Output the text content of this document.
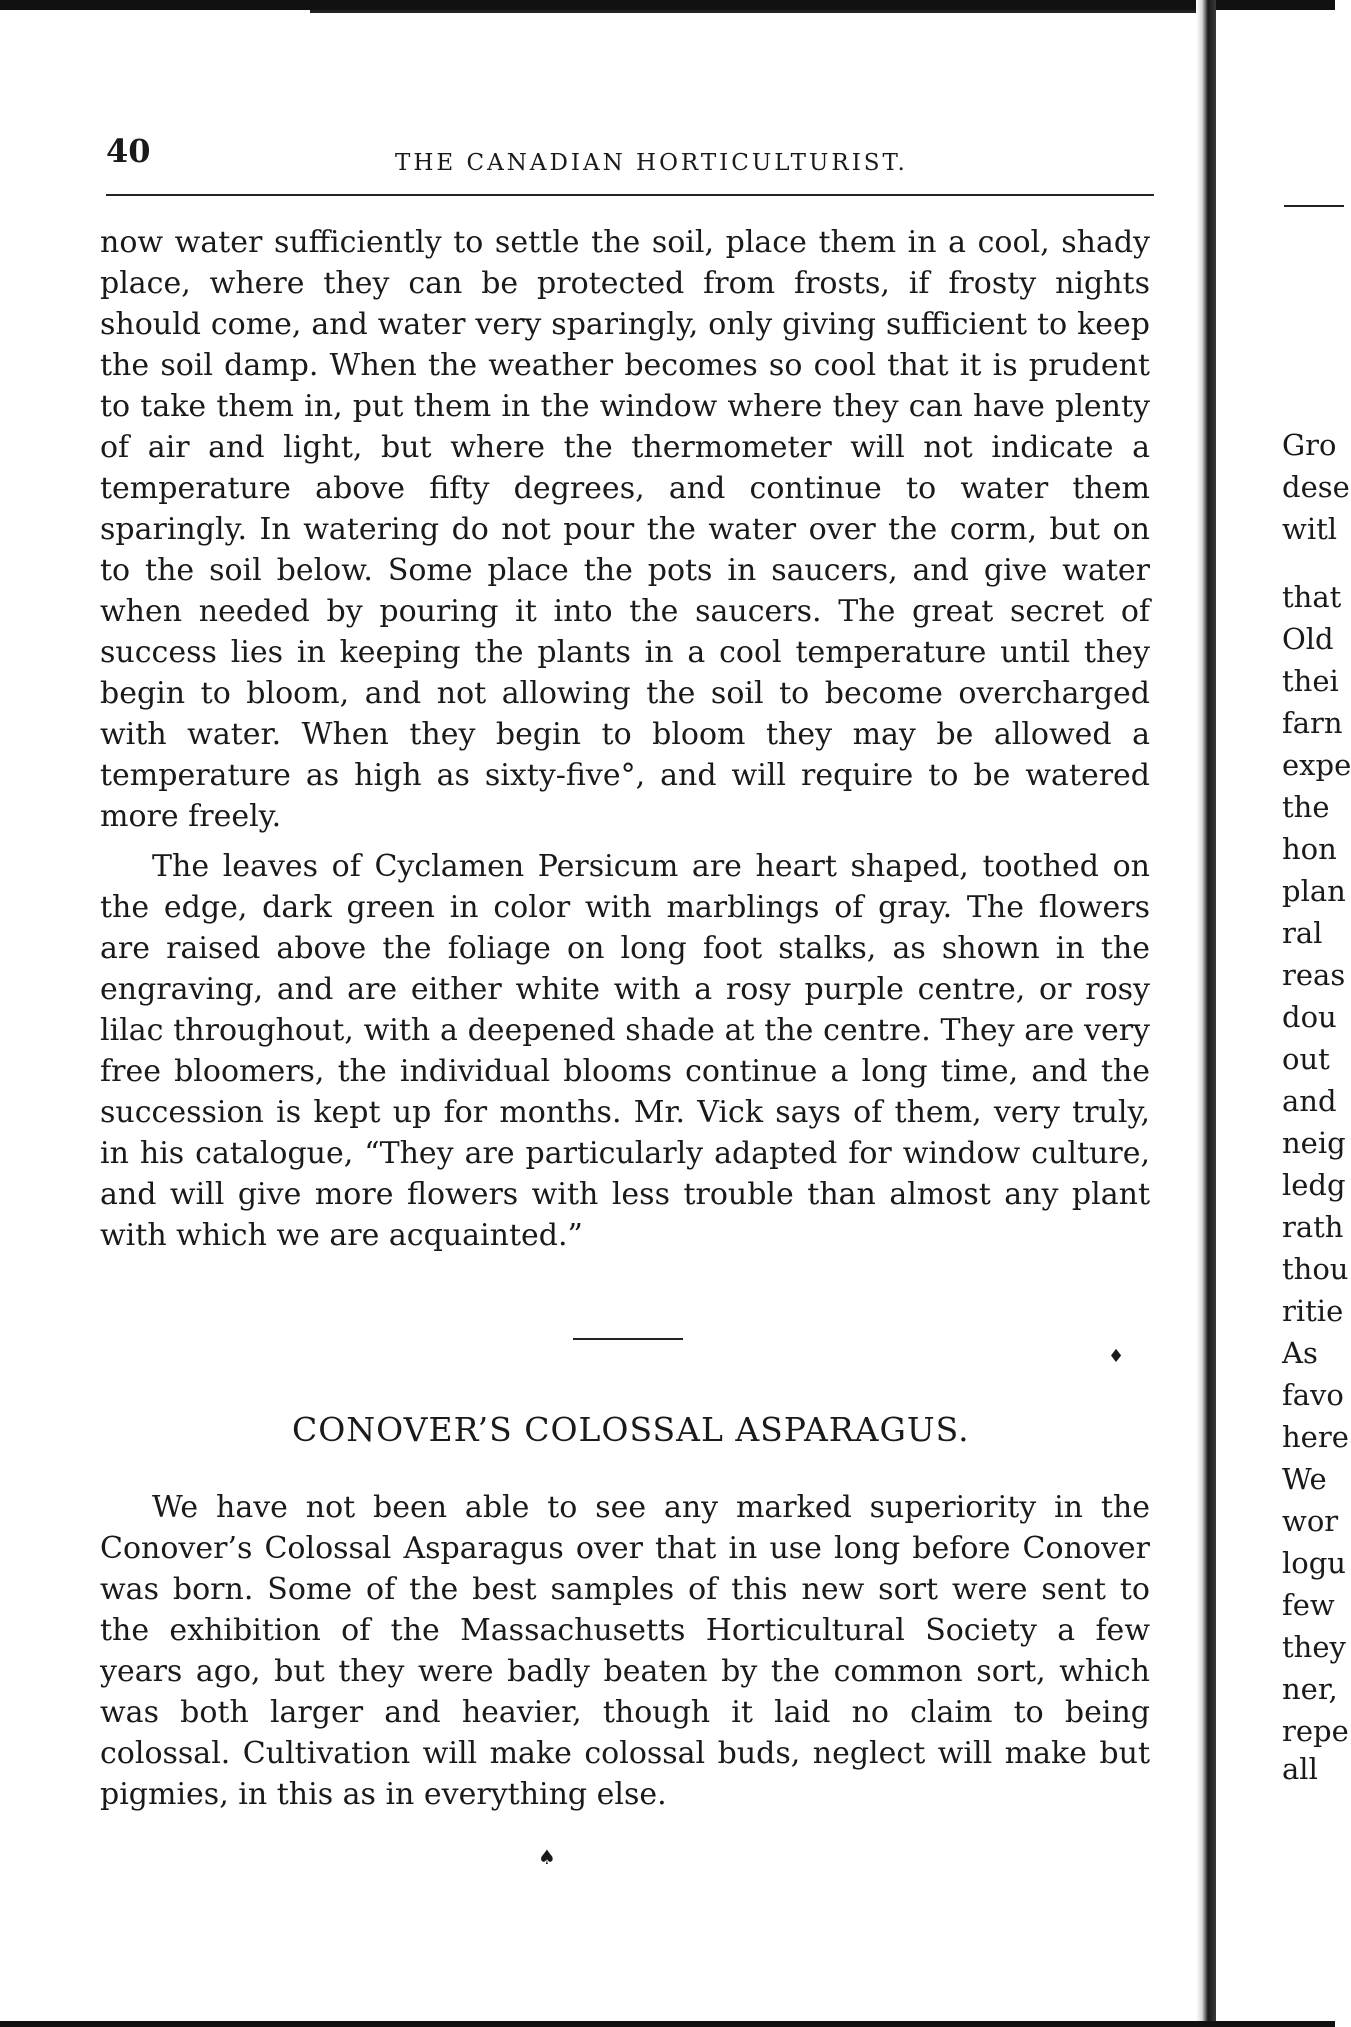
40	THE CANADIAN HORTICULTURIST.

now water sufficiently to settle the soil, place them in a cool, shady place, where they can be protected from frosts, if frosty nights should come, and water very sparingly, only giving sufficient to keep the soil damp. When the weather becomes so cool that it is prudent to take them in, put them in the window where they can have plenty of air and light, but where the thermometer will not indicate a temperature above fifty degrees, and continue to water them sparingly. In watering do not pour the water over the corm, but on to the soil below. Some place the pots in saucers, and give water when needed by pouring it into the saucers. The great secret of success lies in keeping the plants in a cool temperature until they begin to bloom, and not allowing the soil to become overcharged with water. When they begin to bloom they may be allowed a temperature as high as sixty-five°, and will require to be watered more freely.

The leaves of Cyclamen Persicum are heart shaped, toothed on the edge, dark green in color with marblings of gray. The flowers are raised above the foliage on long foot stalks, as shown in the engraving, and are either white with a rosy purple centre, or rosy lilac throughout, with a deepened shade at the centre. They are very free bloomers, the individual blooms continue a long time, and the succession is kept up for months. Mr. Vick says of them, very truly, in his catalogue, “They are particularly adapted for window culture, and will give more flowers with less trouble than almost any plant with which we are acquainted.”

♦
CONOVER’S COLOSSAL ASPARAGUS.

We have not been able to see any marked superiority in the Conover’s Colossal Asparagus over that in use long before Conover was born. Some of the best samples of this new sort were sent to the exhibition of the Massachusetts Horticultural Society a few years ago, but they were badly beaten by the common sort, which was both larger and heavier, though it laid no claim to being colossal. Cultivation will make colossal buds, neglect will make but pigmies, in this as in everything else.

♠
Gro
dese
witl
that
Old
thei
farn
expe
the
hon
plan
ral
reas
dou
out
and
neig
ledg
rath
thou
ritie
As
favo
here
We
wor
logu
few
they
ner,
repe
all
